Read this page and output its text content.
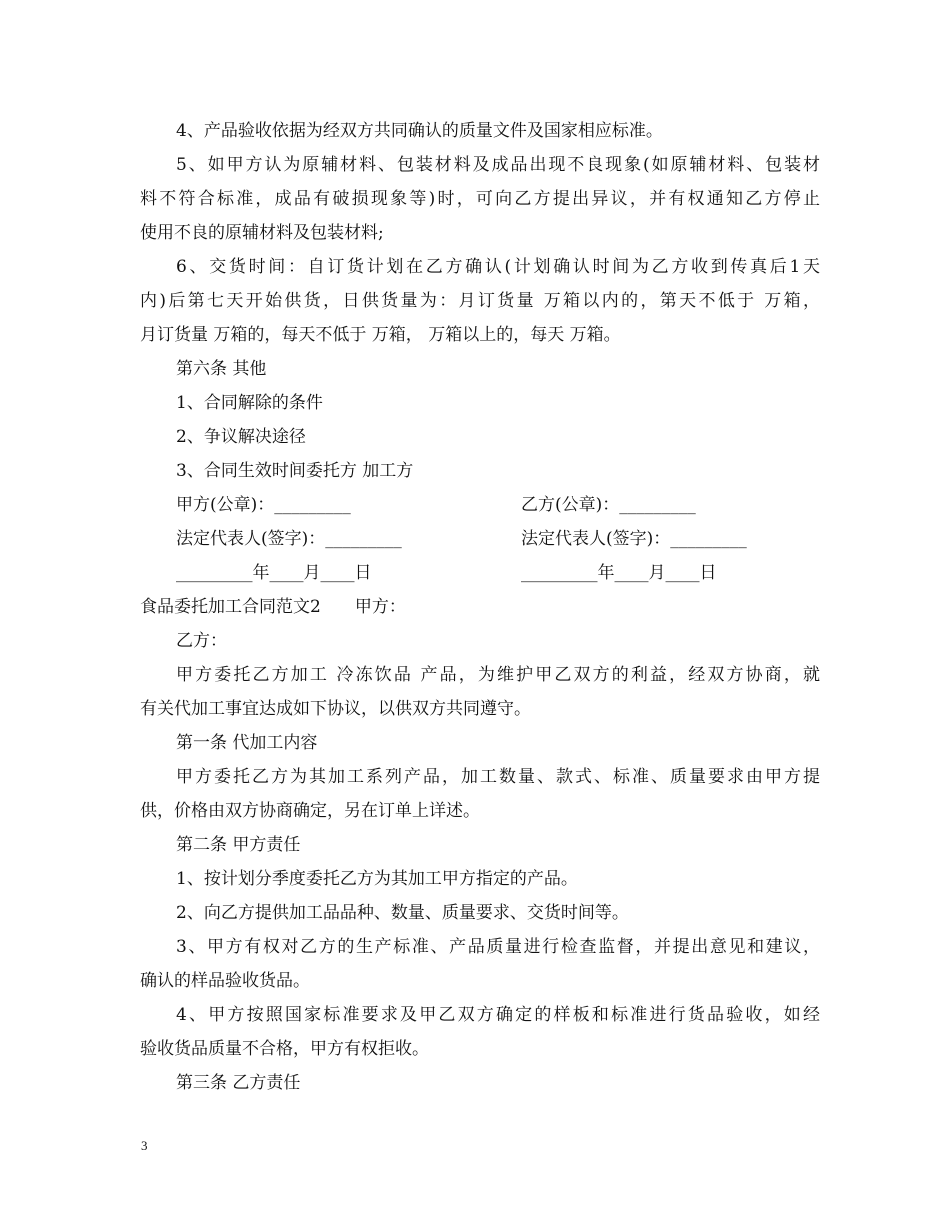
4、产品验收依据为经双方共同确认的质量文件及国家相应标准。
5、如甲方认为原辅材料、包装材料及成品出现不良现象(如原辅材料、包装材
料不符合标准，成品有破损现象等)时，可向乙方提出异议，并有权通知乙方停止
使用不良的原辅材料及包装材料;
6、交货时间：自订货计划在乙方确认(计划确认时间为乙方收到传真后1天
内)后第七天开始供货，日供货量为：月订货量 万箱以内的，第天不低于 万箱，
月订货量 万箱的，每天不低于 万箱， 万箱以上的，每天 万箱。
第六条 其他
1、合同解除的条件
2、争议解决途径
3、合同生效时间委托方 加工方
甲方(公章)：_________	乙方(公章)：_________
法定代表人(签字)：_________	法定代表人(签字)：_________
_________年____月____日	_________年____月____日
食品委托加工合同范文2　　甲方：
乙方：
甲方委托乙方加工 冷冻饮品 产品，为维护甲乙双方的利益，经双方协商，就
有关代加工事宜达成如下协议，以供双方共同遵守。
第一条 代加工内容
甲方委托乙方为其加工系列产品，加工数量、款式、标准、质量要求由甲方提
供，价格由双方协商确定，另在订单上详述。
第二条 甲方责任
1、按计划分季度委托乙方为其加工甲方指定的产品。
2、向乙方提供加工品品种、数量、质量要求、交货时间等。
3、甲方有权对乙方的生产标准、产品质量进行检查监督，并提出意见和建议，
确认的样品验收货品。
4、甲方按照国家标准要求及甲乙双方确定的样板和标准进行货品验收，如经
验收货品质量不合格，甲方有权拒收。
第三条 乙方责任
3
